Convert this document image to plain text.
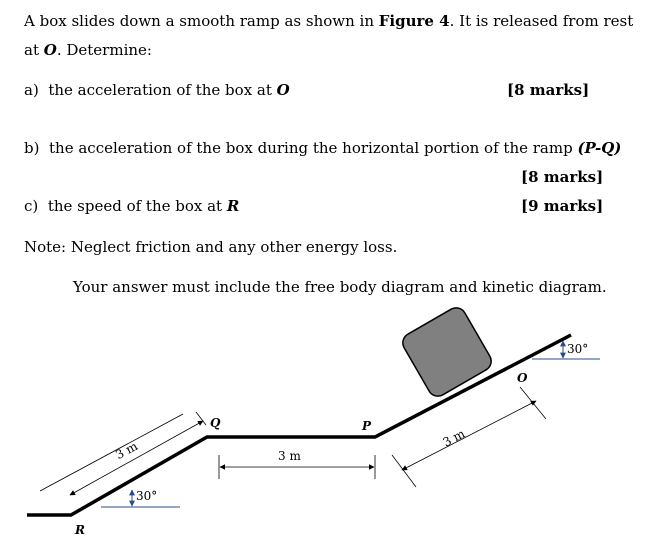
A box slides down a smooth ramp as shown in Figure 4. It is released from rest
at O. Determine:
a) the acceleration of the box at O	[8 marks]
b) the acceleration of the box during the horizontal portion of the ramp (P-Q)
[8 marks]
c) the speed of the box at R	[9 marks]
Note: Neglect friction and any other energy loss.
Your answer must include the free body diagram and kinetic diagram.
3 m	3 m
3 m
30°
30°
O
P
Q
R
